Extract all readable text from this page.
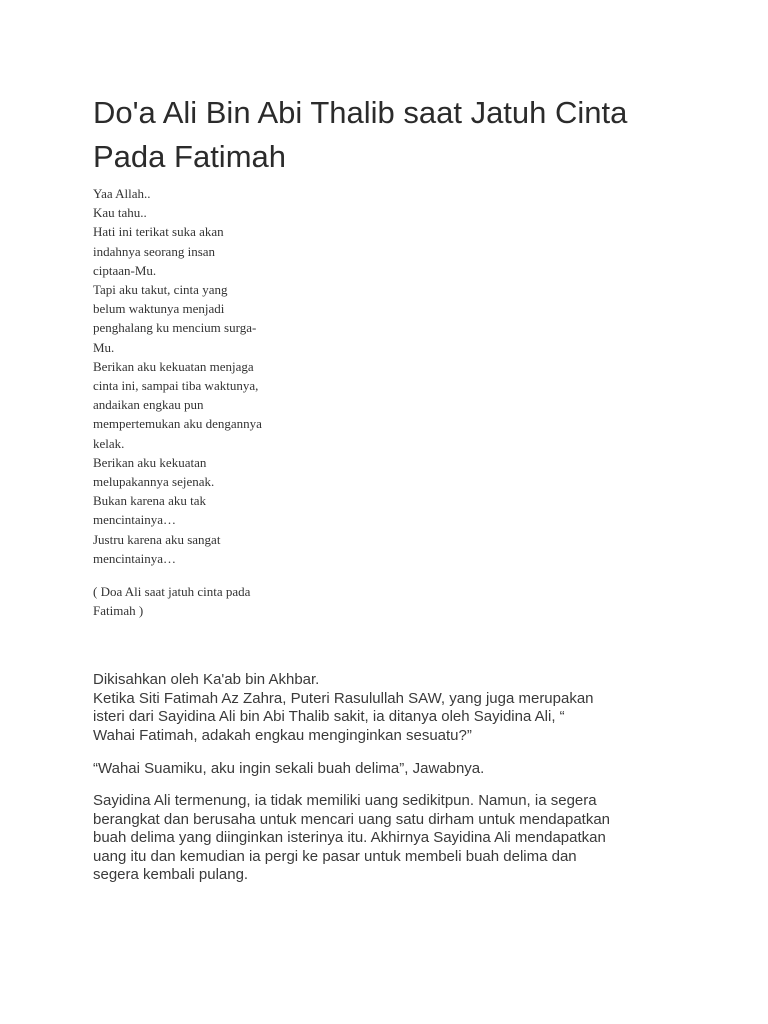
Do'a Ali Bin Abi Thalib saat Jatuh Cinta Pada Fatimah
Yaa Allah..
Kau tahu..
Hati ini terikat suka akan
indahnya seorang insan
ciptaan-Mu.
Tapi aku takut, cinta yang
belum waktunya menjadi
penghalang ku mencium surga-
Mu.
Berikan aku kekuatan menjaga
cinta ini, sampai tiba waktunya,
andaikan engkau pun
mempertemukan aku dengannya
kelak.
Berikan aku kekuatan
melupakannya sejenak.
Bukan karena aku tak
mencintainya…
Justru karena aku sangat
mencintainya…
( Doa Ali saat jatuh cinta pada
Fatimah )
Dikisahkan oleh Ka'ab bin Akhbar.
Ketika Siti Fatimah Az Zahra, Puteri Rasulullah SAW, yang juga merupakan
isteri dari Sayidina Ali bin Abi Thalib sakit, ia ditanya oleh Sayidina Ali, “
Wahai Fatimah, adakah engkau menginginkan sesuatu?”
“Wahai Suamiku, aku ingin sekali buah delima”, Jawabnya.
Sayidina Ali termenung, ia tidak memiliki uang sedikitpun. Namun, ia segera
berangkat dan berusaha untuk mencari uang satu dirham untuk mendapatkan
buah delima yang diinginkan isterinya itu. Akhirnya Sayidina Ali mendapatkan
uang itu dan kemudian ia pergi ke pasar untuk membeli buah delima dan
segera kembali pulang.
